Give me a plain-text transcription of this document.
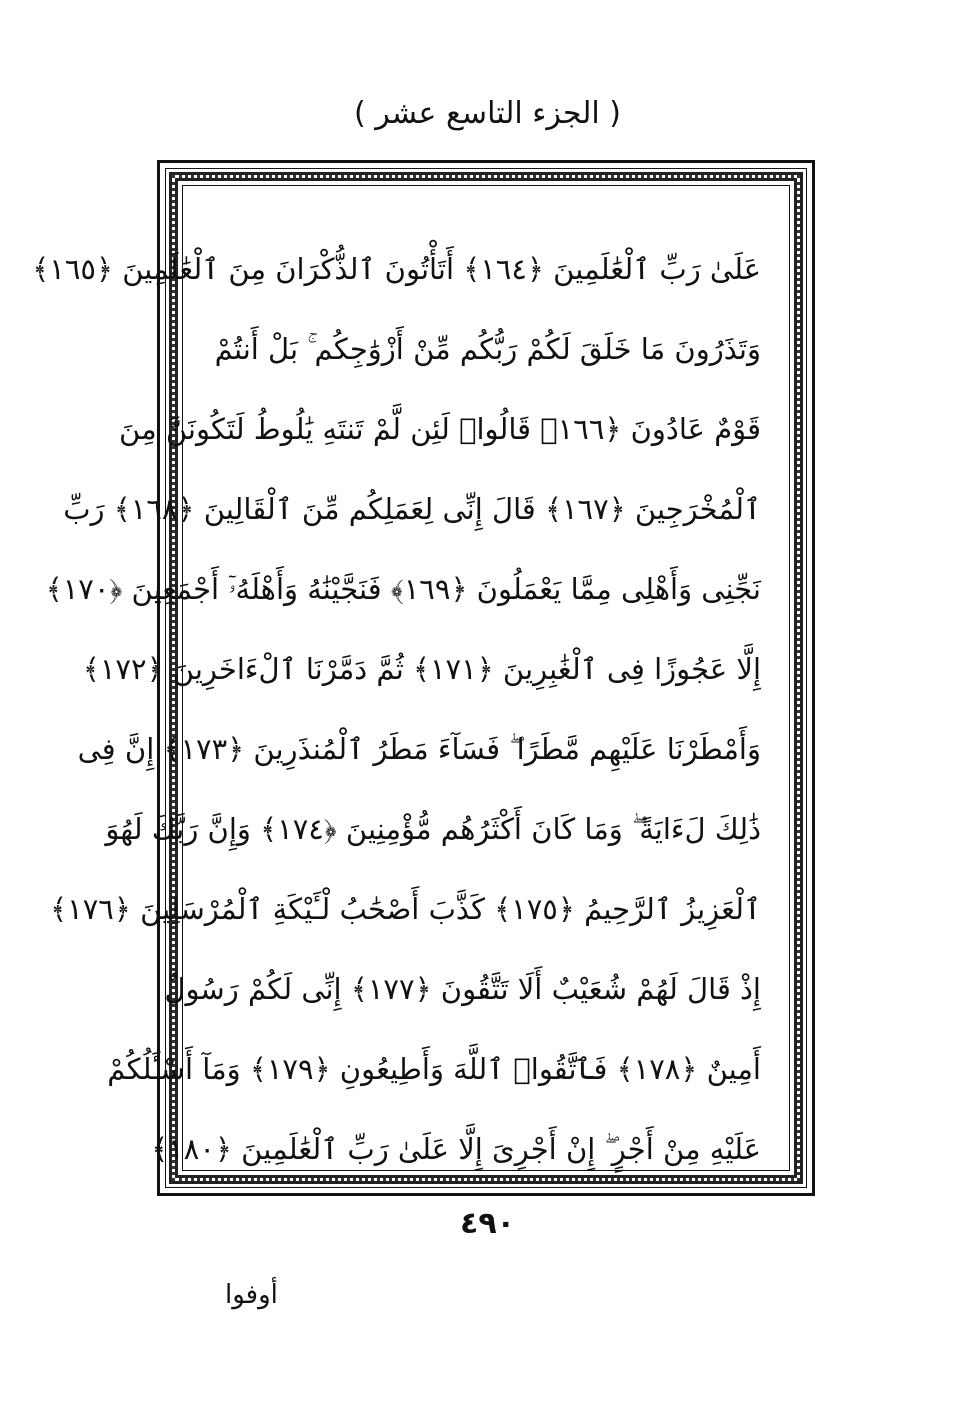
( الجزء التاسع عشر )
عَلَىٰ رَبِّ ٱلْعَٰلَمِينَ ﴿١٦٤﴾ أَتَأْتُونَ ٱلذُّكْرَانَ مِنَ ٱلْعَٰلَمِينَ ﴿١٦٥﴾
وَتَذَرُونَ مَا خَلَقَ لَكُمْ رَبُّكُم مِّنْ أَزْوَٰجِكُم ۚ بَلْ أَنتُمْ
قَوْمٌ عَادُونَ ﴿١٦٦﴾ قَالُوا۟ لَئِن لَّمْ تَنتَهِ يَٰلُوطُ لَتَكُونَنَّ مِنَ
ٱلْمُخْرَجِينَ ﴿١٦٧﴾ قَالَ إِنِّى لِعَمَلِكُم مِّنَ ٱلْقَالِينَ ﴿١٦٨﴾ رَبِّ
نَجِّنِى وَأَهْلِى مِمَّا يَعْمَلُونَ ﴿١٦٩﴾ فَنَجَّيْنَٰهُ وَأَهْلَهُۥٓ أَجْمَعِينَ ﴿١٧٠﴾
إِلَّا عَجُوزًا فِى ٱلْغَٰبِرِينَ ﴿١٧١﴾ ثُمَّ دَمَّرْنَا ٱلْءَاخَرِينَ ﴿١٧٢﴾
وَأَمْطَرْنَا عَلَيْهِم مَّطَرًا ۖ فَسَآءَ مَطَرُ ٱلْمُنذَرِينَ ﴿١٧٣﴾ إِنَّ فِى
ذَٰلِكَ لَءَايَةً ۖ وَمَا كَانَ أَكْثَرُهُم مُّؤْمِنِينَ ﴿١٧٤﴾ وَإِنَّ رَبَّكَ لَهُوَ
ٱلْعَزِيزُ ٱلرَّحِيمُ ﴿١٧٥﴾ كَذَّبَ أَصْحَٰبُ لْـَٔيْكَةِ ٱلْمُرْسَلِينَ ﴿١٧٦﴾
إِذْ قَالَ لَهُمْ شُعَيْبٌ أَلَا تَتَّقُونَ ﴿١٧٧﴾ إِنِّى لَكُمْ رَسُولٌ
أَمِينٌ ﴿١٧٨﴾ فَٱتَّقُوا۟ ٱللَّهَ وَأَطِيعُونِ ﴿١٧٩﴾ وَمَآ أَسْـَٔلُكُمْ
عَلَيْهِ مِنْ أَجْرٍ ۖ إِنْ أَجْرِىَ إِلَّا عَلَىٰ رَبِّ ٱلْعَٰلَمِينَ ﴿١٨٠﴾
٤٩٠
أوفوا
